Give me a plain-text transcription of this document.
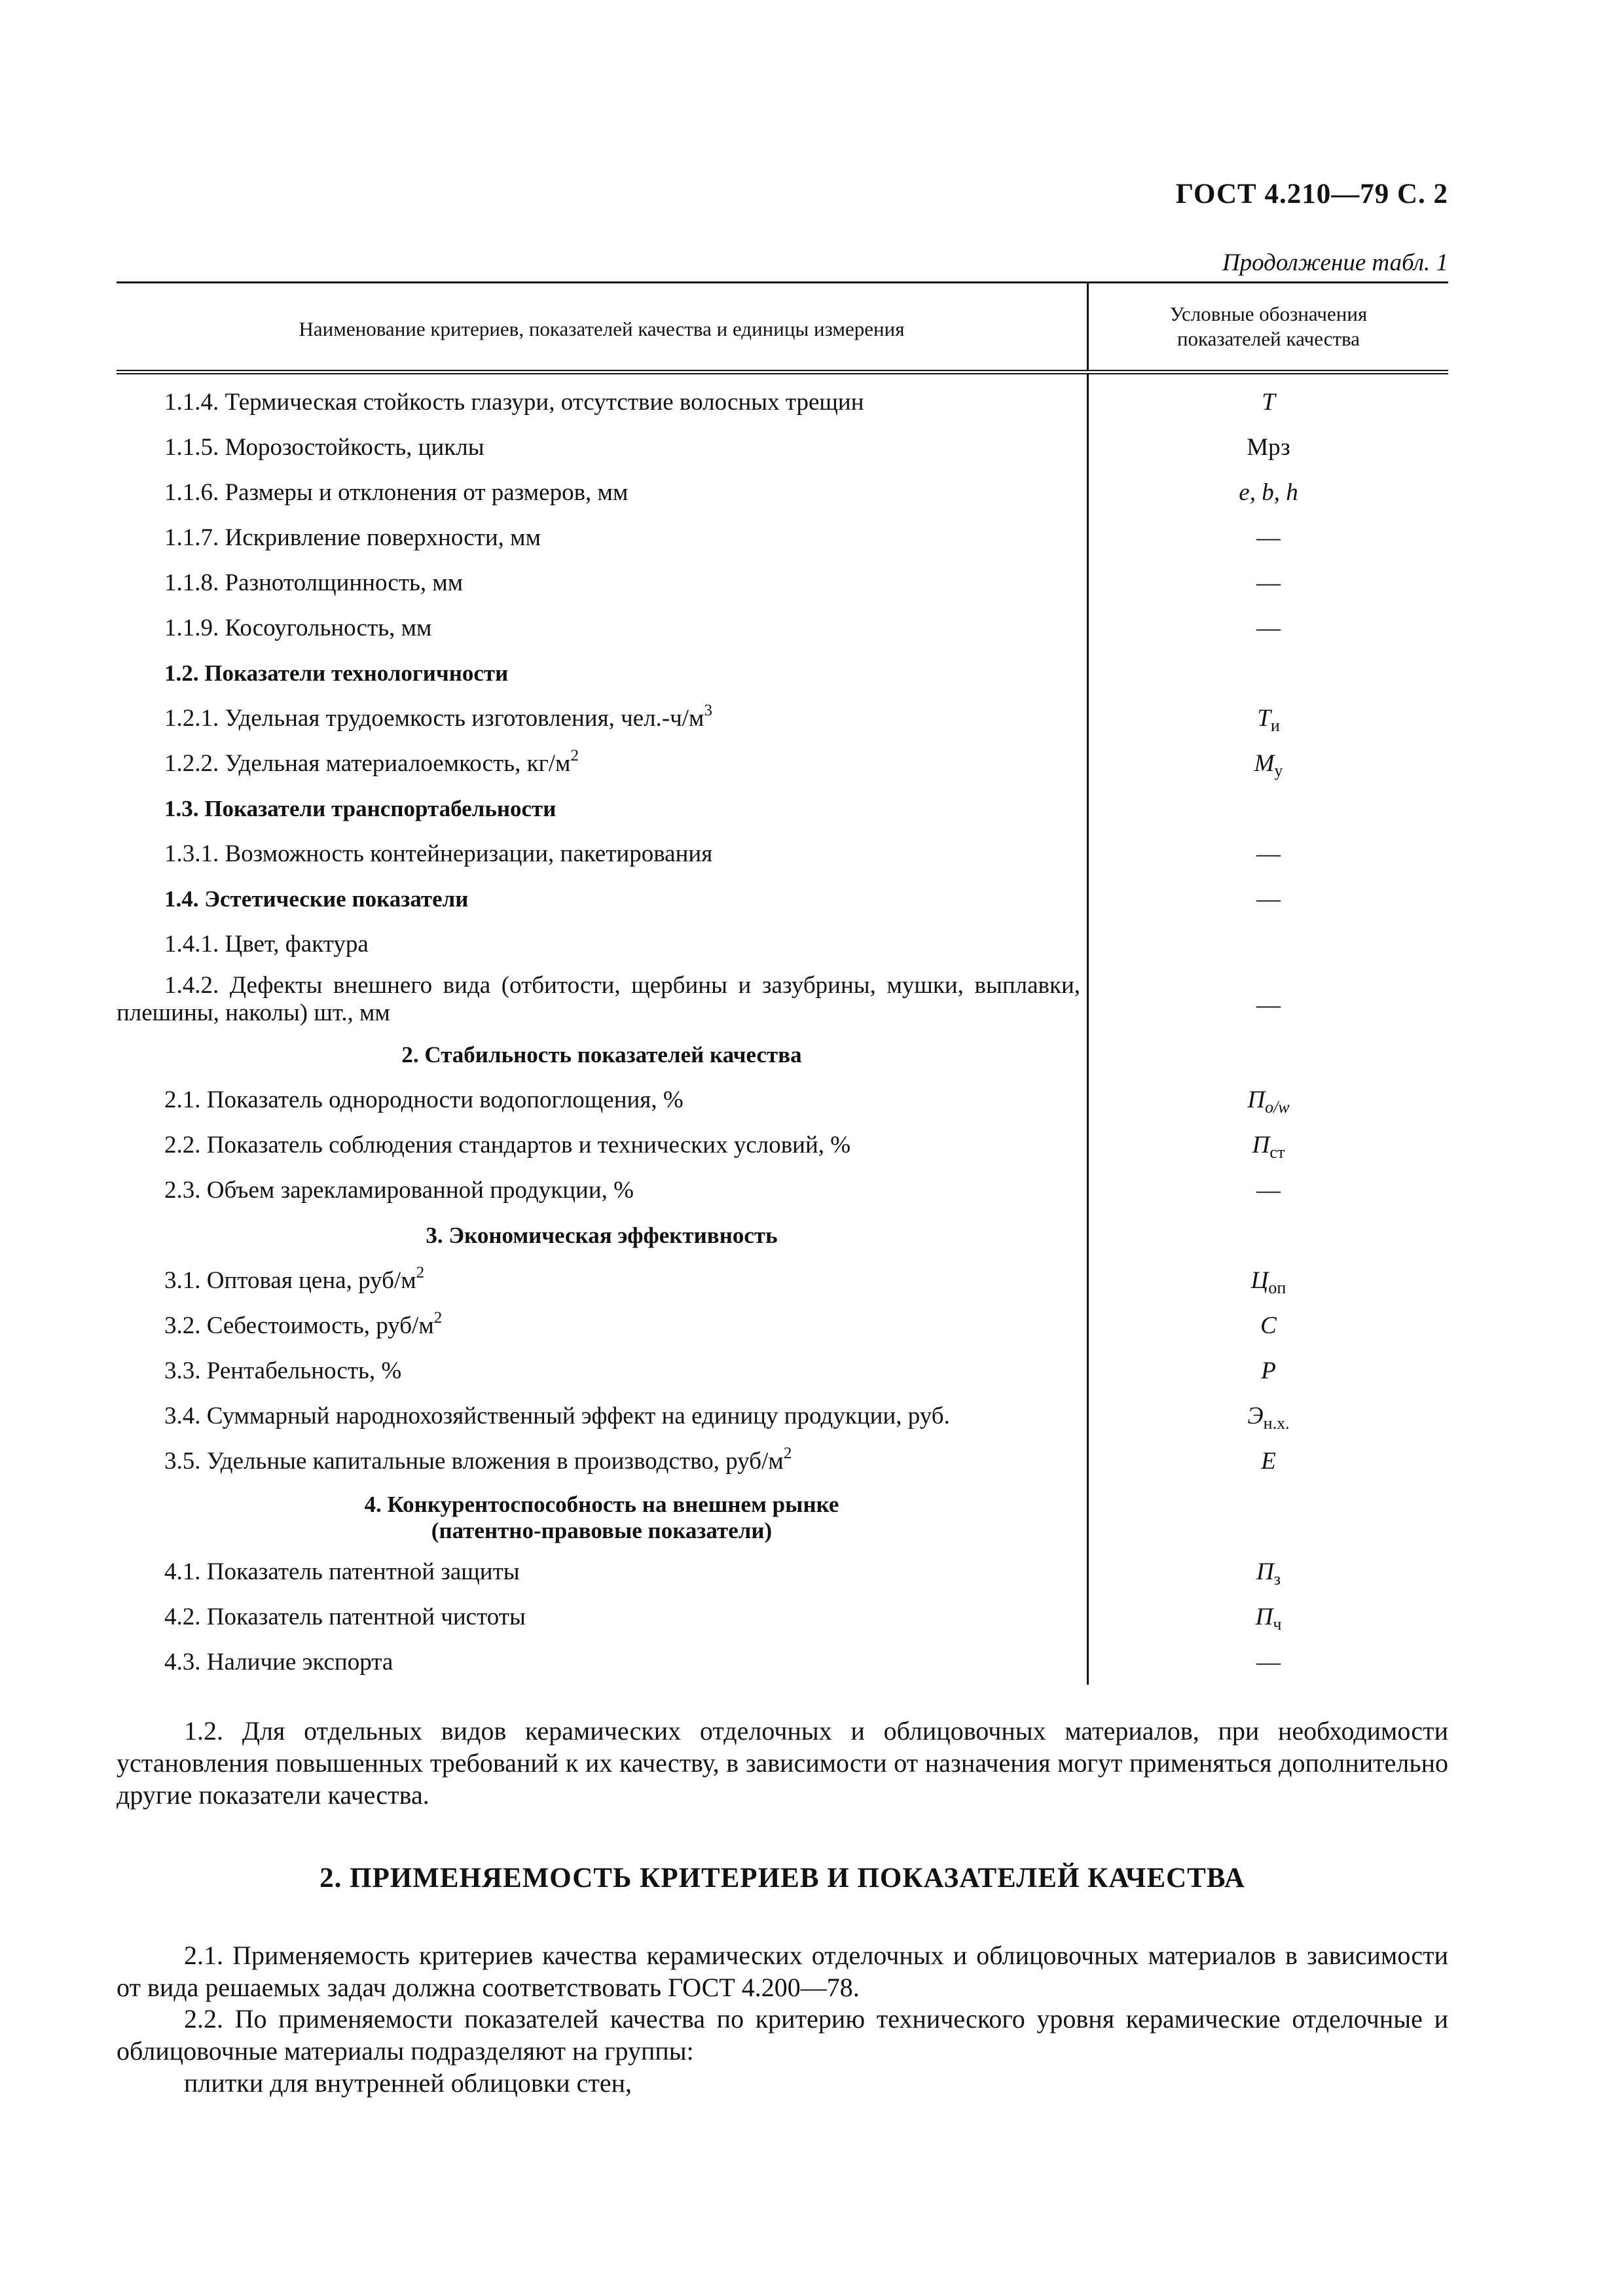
ГОСТ 4.210—79 С. 2
Продолжение табл. 1
Наименование критериев, показателей качества и единицы измерения
Условные обозначения
показателей качества
1.1.4. Термическая стойкость глазури, отсутствие волосных трещин
1.1.5. Морозостойкость, циклы
1.1.6. Размеры и отклонения от размеров, мм
1.1.7. Искривление поверхности, мм
1.1.8. Разнотолщинность, мм
1.1.9. Косоугольность, мм
1.2. Показатели технологичности
1.2.1. Удельная трудоемкость изготовления, $чел.-ч/м^3$
1.2.2. Удельная материалоемкость, $кг/м^2$
1.3. Показатели транспортабельности
1.3.1. Возможность контейнеризации, пакетирования
1.4. Эстетические показатели
1.4.1. Цвет, фактура
1.4.2. Дефекты внешнего вида (отбитости, щербины и зазубрины, мушки, выплавки, плешины, наколы) шт., мм
2. Стабильность показателей качества
2.1. Показатель однородности водопоглощения, %
2.2. Показатель соблюдения стандартов и технических условий, %
2.3. Объем зарекламированной продукции, %
3. Экономическая эффективность
3.1. Оптовая цена, руб/$м^2$
3.2. Себестоимость, руб/$м^2$
3.3. Рентабельность, %
3.4. Суммарный народнохозяйственный эффект на единицу продукции, руб.
3.5. Удельные капитальные вложения в производство, руб/$м^2$
4. Конкурентоспособность на внешнем рынке
(патентно-правовые показатели)
4.1. Показатель патентной защиты
4.2. Показатель патентной чистоты
4.3. Наличие экспорта
Т
Мрз
е, b, h
—
—
—
$Т_и$
$М_у$
—
—
—
$П_{o/w}$
$П_{ст}$
—
$Ц_{оп}$
С
Р
$Э_{н.х.}$
Е
$П_з$
$П_ч$
—
1.2. Для отдельных видов керамических отделочных и облицовочных материалов, при необходимости установления повышенных требований к их качеству, в зависимости от назначения могут применяться дополнительно другие показатели качества.
2. ПРИМЕНЯЕМОСТЬ КРИТЕРИЕВ И ПОКАЗАТЕЛЕЙ КАЧЕСТВА
2.1. Применяемость критериев качества керамических отделочных и облицовочных материалов в зависимости от вида решаемых задач должна соответствовать ГОСТ 4.200—78.
2.2. По применяемости показателей качества по критерию технического уровня керамические отделочные и облицовочные материалы подразделяют на группы:
плитки для внутренней облицовки стен,
